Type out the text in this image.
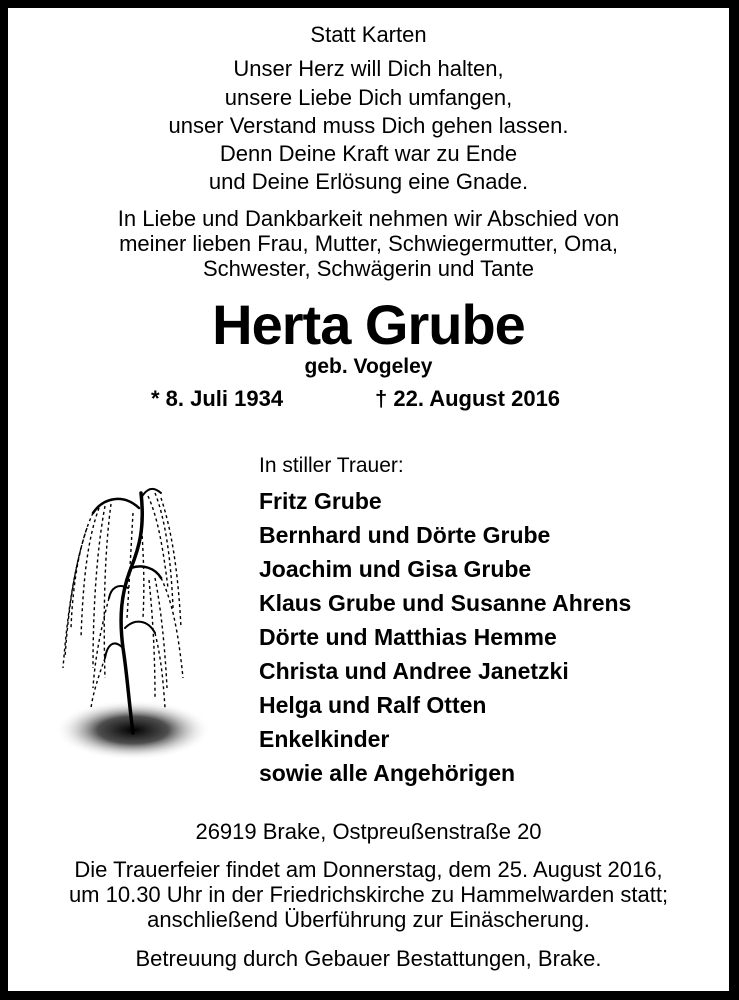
Statt Karten
Unser Herz will Dich halten,
unsere Liebe Dich umfangen,
unser Verstand muss Dich gehen lassen.
Denn Deine Kraft war zu Ende
und Deine Erlösung eine Gnade.
In Liebe und Dankbarkeit nehmen wir Abschied von
meiner lieben Frau, Mutter, Schwiegermutter, Oma,
Schwester, Schwägerin und Tante
Herta Grube
geb. Vogeley
* 8. Juli 1934	† 22. August 2016
In stiller Trauer:
Fritz Grube
Bernhard und Dörte Grube
Joachim und Gisa Grube
Klaus Grube und Susanne Ahrens
Dörte und Matthias Hemme
Christa und Andree Janetzki
Helga und Ralf Otten
Enkelkinder
sowie alle Angehörigen
26919 Brake, Ostpreußenstraße 20
Die Trauerfeier findet am Donnerstag, dem 25. August 2016,
um 10.30 Uhr in der Friedrichskirche zu Hammelwarden statt;
anschließend Überführung zur Einäscherung.
Betreuung durch Gebauer Bestattungen, Brake.
